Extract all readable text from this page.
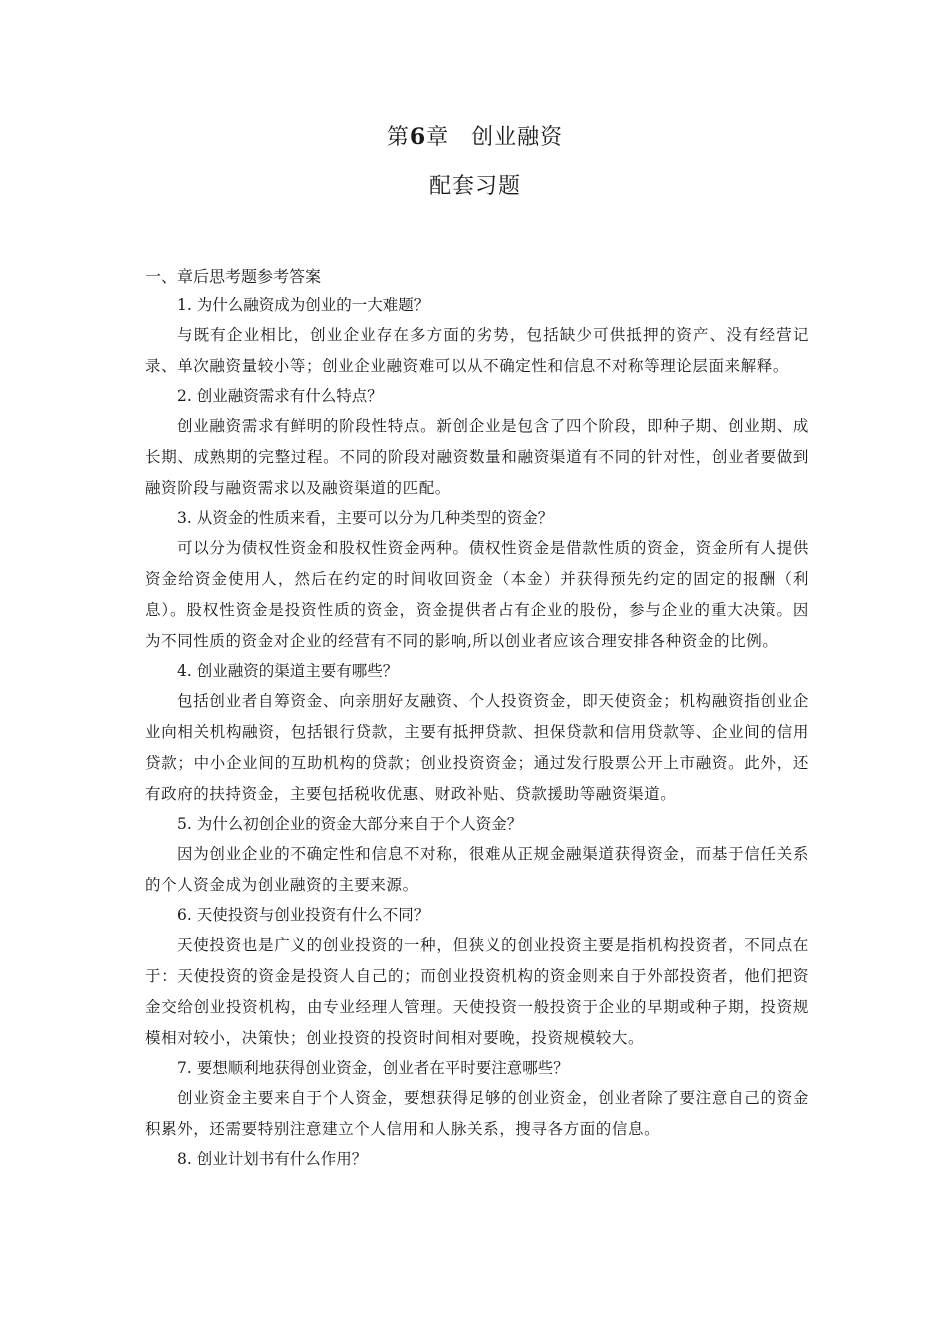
第6章 创业融资
配套习题

一、章后思考题参考答案

1. 为什么融资成为创业的一大难题？

与既有企业相比，创业企业存在多方面的劣势，包括缺少可供抵押的资产、没有经营记录、单次融资量较小等；创业企业融资难可以从不确定性和信息不对称等理论层面来解释。

2. 创业融资需求有什么特点？

创业融资需求有鲜明的阶段性特点。新创企业是包含了四个阶段，即种子期、创业期、成长期、成熟期的完整过程。不同的阶段对融资数量和融资渠道有不同的针对性，创业者要做到融资阶段与融资需求以及融资渠道的匹配。

3. 从资金的性质来看，主要可以分为几种类型的资金？

可以分为债权性资金和股权性资金两种。债权性资金是借款性质的资金，资金所有人提供资金给资金使用人，然后在约定的时间收回资金（本金）并获得预先约定的固定的报酬（利息）。股权性资金是投资性质的资金，资金提供者占有企业的股份，参与企业的重大决策。因为不同性质的资金对企业的经营有不同的影响,所以创业者应该合理安排各种资金的比例。

4. 创业融资的渠道主要有哪些？

包括创业者自筹资金、向亲朋好友融资、个人投资资金，即天使资金；机构融资指创业企业向相关机构融资，包括银行贷款，主要有抵押贷款、担保贷款和信用贷款等、企业间的信用贷款；中小企业间的互助机构的贷款；创业投资资金；通过发行股票公开上市融资。此外，还有政府的扶持资金，主要包括税收优惠、财政补贴、贷款援助等融资渠道。

5. 为什么初创企业的资金大部分来自于个人资金？

因为创业企业的不确定性和信息不对称，很难从正规金融渠道获得资金，而基于信任关系的个人资金成为创业融资的主要来源。

6. 天使投资与创业投资有什么不同？

天使投资也是广义的创业投资的一种，但狭义的创业投资主要是指机构投资者，不同点在于：天使投资的资金是投资人自己的；而创业投资机构的资金则来自于外部投资者，他们把资金交给创业投资机构，由专业经理人管理。天使投资一般投资于企业的早期或种子期，投资规模相对较小，决策快；创业投资的投资时间相对要晚，投资规模较大。

7. 要想顺利地获得创业资金，创业者在平时要注意哪些？

创业资金主要来自于个人资金，要想获得足够的创业资金，创业者除了要注意自己的资金积累外，还需要特别注意建立个人信用和人脉关系，搜寻各方面的信息。

8. 创业计划书有什么作用？
